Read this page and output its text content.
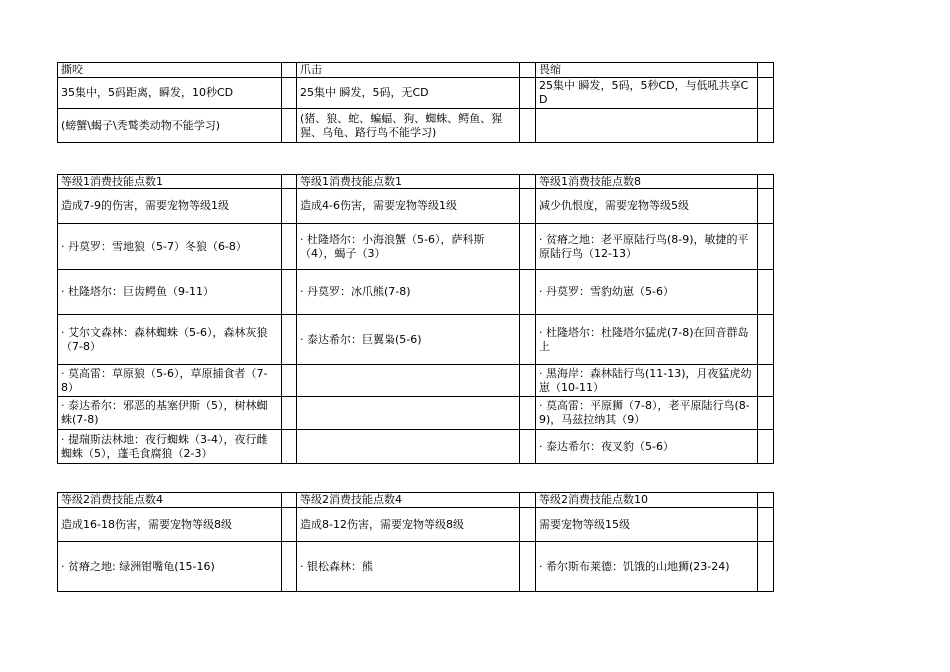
撕咬
35集中，5码距离，瞬发，10秒CD
(螃蟹\蝎子\秃鹫类动物不能学习)
等级1消费技能点数1
造成7-9的伤害，需要宠物等级1级
· 丹莫罗：雪地狼（5-7）冬狼（6-8）
· 杜隆塔尔：巨齿鳄鱼（9-11）
· 艾尔文森林：森林蜘蛛（5-6），森林灰狼（7-8）
· 莫高雷：草原狼（5-6），草原捕食者（7-8）
· 泰达希尔：邪恶的基塞伊斯（5），树林蜘蛛(7-8)
· 提瑞斯法林地：夜行蜘蛛（3-4），夜行雌蜘蛛（5），蓬毛食腐狼（2-3）
等级2消费技能点数4
造成16-18伤害，需要宠物等级8级
· 贫瘠之地: 绿洲钳嘴龟(15-16)
爪击
25集中 瞬发，5码，无CD
(猪、狼、蛇、蝙蝠、狗、蜘蛛、鳄鱼、猩猩、乌龟、路行鸟不能学习)
等级1消费技能点数1
造成4-6伤害，需要宠物等级1级
· 杜隆塔尔：小海浪蟹（5-6），萨科斯（4），蝎子（3）
· 丹莫罗：冰爪熊(7-8)
· 泰达希尔：巨翼枭(5-6)
等级2消费技能点数4
造成8-12伤害，需要宠物等级8级
· 银松森林：熊
畏缩
25集中 瞬发，5码，5秒CD，与低吼共享CD
等级1消费技能点数8
减少仇恨度，需要宠物等级5级
· 贫瘠之地：老平原陆行鸟(8-9)，敏捷的平原陆行鸟（12-13）
· 丹莫罗：雪豹幼崽（5-6）
· 杜隆塔尔：杜隆塔尔猛虎(7-8)在回音群岛上
· 黑海岸：森林陆行鸟(11-13)，月夜猛虎幼崽（10-11）
· 莫高雷：平原狮（7-8），老平原陆行鸟(8-9)，马兹拉纳其（9）
· 泰达希尔：夜叉豹（5-6）
等级2消费技能点数10
需要宠物等级15级
· 希尔斯布莱德：饥饿的山地狮(23-24)
